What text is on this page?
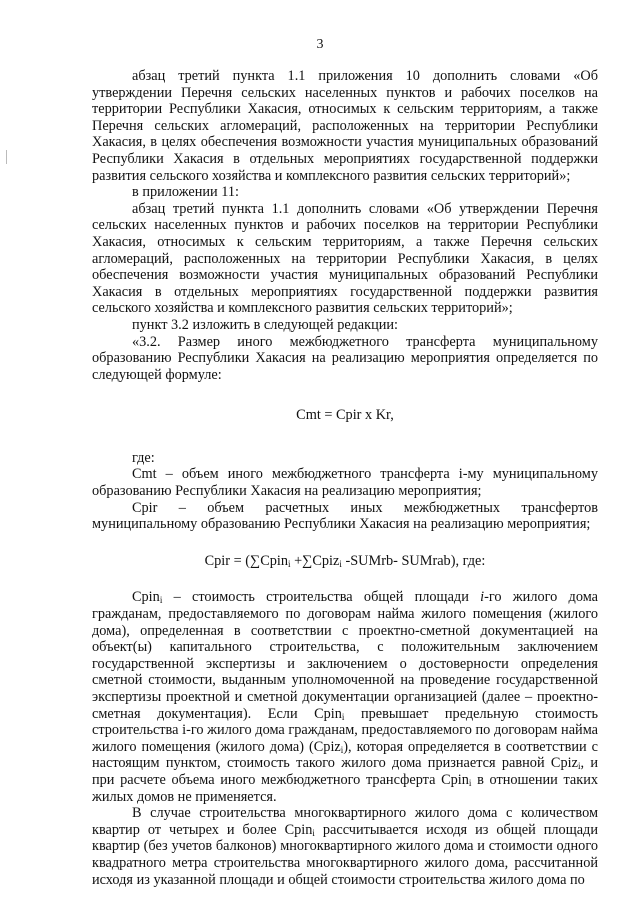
3

абзац третий пункта 1.1 приложения 10 дополнить словами «Об утверждении Перечня сельских населенных пунктов и рабочих поселков на территории Республики Хакасия, относимых к сельским территориям, а также Перечня сельских агломераций, расположенных на территории Республики Хакасия, в целях обеспечения возможности участия муниципальных образований Республики Хакасия в отдельных мероприятиях государственной поддержки развития сельского хозяйства и комплексного развития сельских территорий»;

в приложении 11:

абзац третий пункта 1.1 дополнить словами «Об утверждении Перечня сельских населенных пунктов и рабочих поселков на территории Республики Хакасия, относимых к сельским территориям, а также Перечня сельских агломераций, расположенных на территории Республики Хакасия, в целях обеспечения возможности участия муниципальных образований Республики Хакасия в отдельных мероприятиях государственной поддержки развития сельского хозяйства и комплексного развития сельских территорий»;

пункт 3.2 изложить в следующей редакции:

«3.2. Размер иного межбюджетного трансферта муниципальному образованию Республики Хакасия на реализацию мероприятия определяется по следующей формуле:

Cmt = Cpir x Kr,

где:

Cmt – объем иного межбюджетного трансферта i-му муниципальному образованию Республики Хакасия на реализацию мероприятия;

Cpir – объем расчетных иных межбюджетных трансфертов муниципальному образованию Республики Хакасия на реализацию мероприятия;

Cpir = (∑Cpin$_i$ +∑Cpiz$_i$ -SUMrb- SUMrab), где:

Cpin$_i$ – стоимость строительства общей площади i-го жилого дома гражданам, предоставляемого по договорам найма жилого помещения (жилого дома), определенная в соответствии с проектно-сметной документацией на объект(ы) капитального строительства, с положительным заключением государственной экспертизы и заключением о достоверности определения сметной стоимости, выданным уполномоченной на проведение государственной экспертизы проектной и сметной документации организацией (далее – проектно-сметная документация). Если Cpin$_i$ превышает предельную стоимость строительства i-го жилого дома гражданам, предоставляемого по договорам найма жилого помещения (жилого дома) (Cpiz$_i$), которая определяется в соответствии с настоящим пунктом, стоимость такого жилого дома признается равной Cpiz$_i$, и при расчете объема иного межбюджетного трансферта Cpin$_i$ в отношении таких жилых домов не применяется.

В случае строительства многоквартирного жилого дома с количеством квартир от четырех и более Cpin$_i$ рассчитывается исходя из общей площади квартир (без учетов балконов) многоквартирного жилого дома и стоимости одного квадратного метра строительства многоквартирного жилого дома, рассчитанной исходя из указанной площади и общей стоимости строительства жилого дома по
